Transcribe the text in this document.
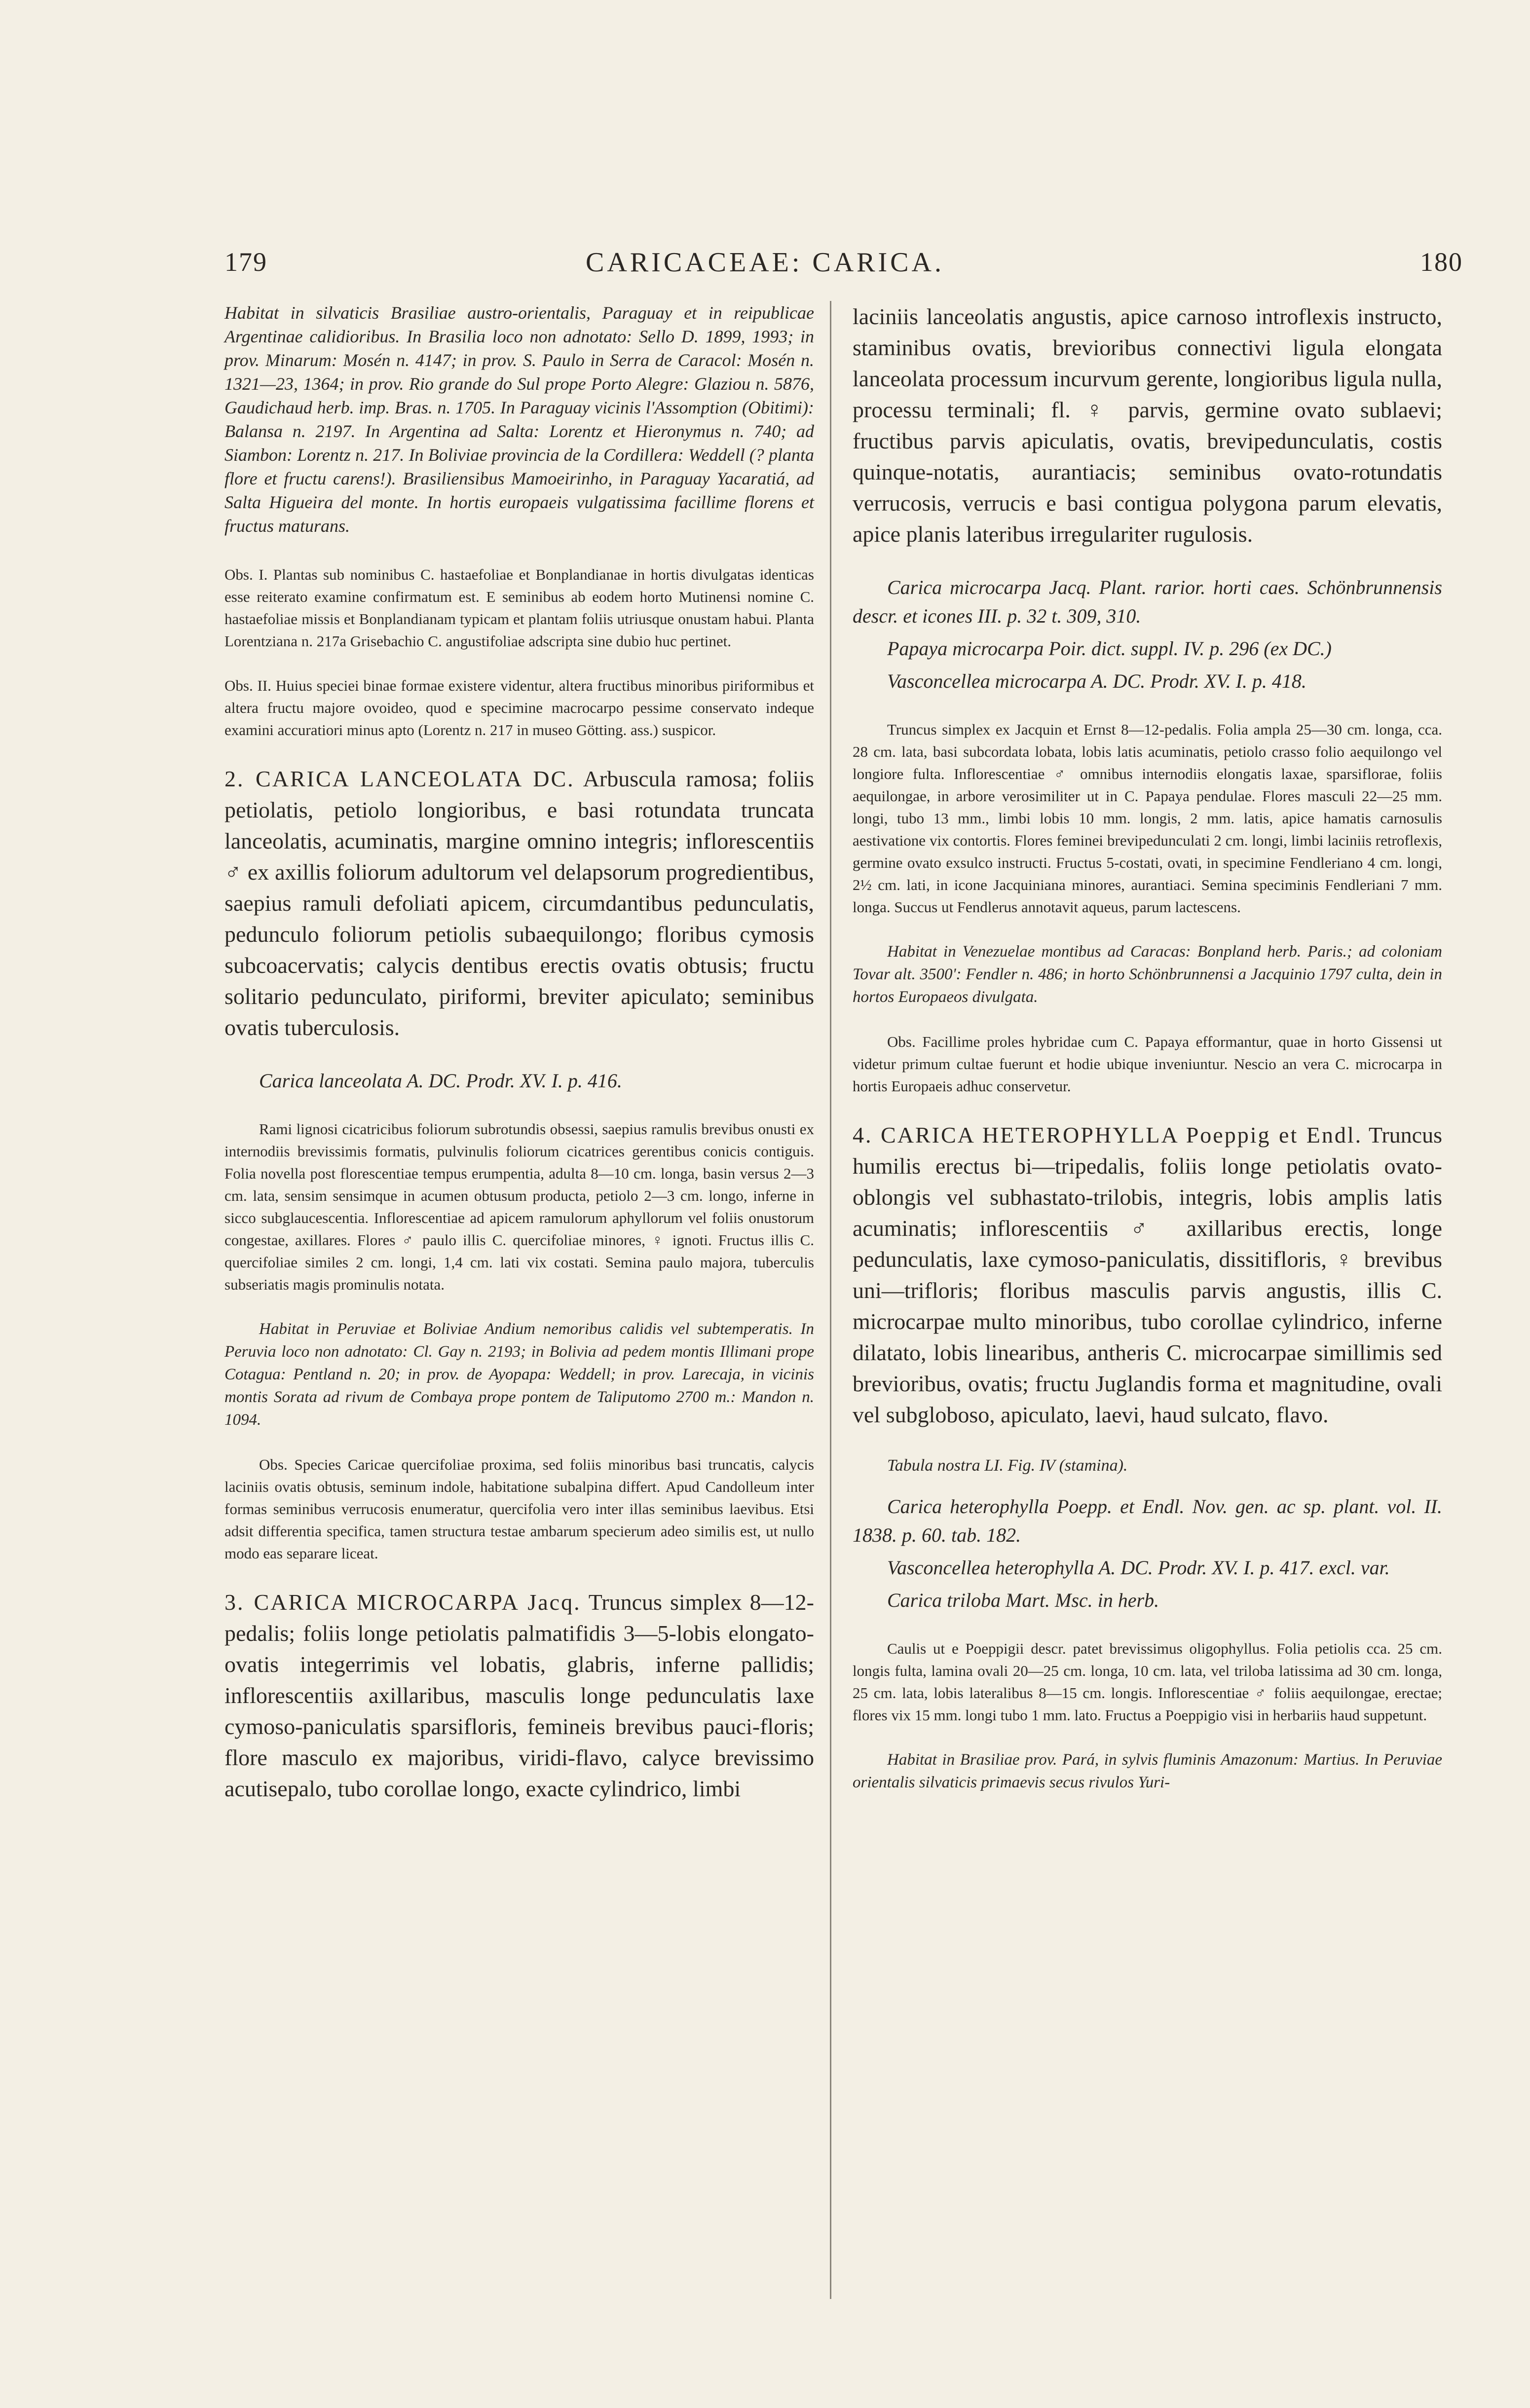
179	CARICACEAE: CARICA.	180

Habitat in silvaticis Brasiliae austro-orientalis, Paraguay et in reipublicae Argentinae calidioribus. In Brasilia loco non adnotato: Sello D. 1899, 1993; in prov. Minarum: Mosén n. 4147; in prov. S. Paulo in Serra de Caracol: Mosén n. 1321—23, 1364; in prov. Rio grande do Sul prope Porto Alegre: Glaziou n. 5876, Gaudichaud herb. imp. Bras. n. 1705. In Paraguay vicinis l'Assomption (Obitimi): Balansa n. 2197. In Argentina ad Salta: Lorentz et Hieronymus n. 740; ad Siambon: Lorentz n. 217. In Boliviae provincia de la Cordillera: Weddell (? planta flore et fructu carens!). Brasiliensibus Mamoeirinho, in Paraguay Yacaratiá, ad Salta Higueira del monte. In hortis europaeis vulgatissima facillime florens et fructus maturans.

Obs. I. Plantas sub nominibus C. hastaefoliae et Bonplandianae in hortis divulgatas identicas esse reiterato examine confirmatum est. E seminibus ab eodem horto Mutinensi nomine C. hastaefoliae missis et Bonplandianam typicam et plantam foliis utriusque onustam habui. Planta Lorentziana n. 217a Grisebachio C. angustifoliae adscripta sine dubio huc pertinet.

Obs. II. Huius speciei binae formae existere videntur, altera fructibus minoribus piriformibus et altera fructu majore ovoideo, quod e specimine macrocarpo pessime conservato indeque examini accuratiori minus apto (Lorentz n. 217 in museo Götting. ass.) suspicor.

2. CARICA LANCEOLATA DC. Arbuscula ramosa; foliis petiolatis, petiolo longioribus, e basi rotundata truncata lanceolatis, acuminatis, margine omnino integris; inflorescentiis ♂ ex axillis foliorum adultorum vel delapsorum progredientibus, saepius ramuli defoliati apicem, circumdantibus pedunculatis, pedunculo foliorum petiolis subaequilongo; floribus cymosis subcoacervatis; calycis dentibus erectis ovatis obtusis; fructu solitario pedunculato, piriformi, breviter apiculato; seminibus ovatis tuberculosis.

Carica lanceolata A. DC. Prodr. XV. I. p. 416.

Rami lignosi cicatricibus foliorum subrotundis obsessi, saepius ramulis brevibus onusti ex internodiis brevissimis formatis, pulvinulis foliorum cicatrices gerentibus conicis contiguis. Folia novella post florescentiae tempus erumpentia, adulta 8—10 cm. longa, basin versus 2—3 cm. lata, sensim sensimque in acumen obtusum producta, petiolo 2—3 cm. longo, inferne in sicco subglaucescentia. Inflorescentiae ad apicem ramulorum aphyllorum vel foliis onustorum congestae, axillares. Flores ♂ paulo illis C. quercifoliae minores, ♀ ignoti. Fructus illis C. quercifoliae similes 2 cm. longi, 1,4 cm. lati vix costati. Semina paulo majora, tuberculis subseriatis magis prominulis notata.

Habitat in Peruviae et Boliviae Andium nemoribus calidis vel subtemperatis. In Peruvia loco non adnotato: Cl. Gay n. 2193; in Bolivia ad pedem montis Illimani prope Cotagua: Pentland n. 20; in prov. de Ayopapa: Weddell; in prov. Larecaja, in vicinis montis Sorata ad rivum de Combaya prope pontem de Taliputomo 2700 m.: Mandon n. 1094.

Obs. Species Caricae quercifoliae proxima, sed foliis minoribus basi truncatis, calycis laciniis ovatis obtusis, seminum indole, habitatione subalpina differt. Apud Candolleum inter formas seminibus verrucosis enumeratur, quercifolia vero inter illas seminibus laevibus. Etsi adsit differentia specifica, tamen structura testae ambarum specierum adeo similis est, ut nullo modo eas separare liceat.

3. CARICA MICROCARPA Jacq. Truncus simplex 8—12-pedalis; foliis longe petiolatis palmatifidis 3—5-lobis elongato-ovatis integerrimis vel lobatis, glabris, inferne pallidis; inflorescentiis axillaribus, masculis longe pedunculatis laxe cymoso-paniculatis sparsifloris, femineis brevibus pauci-floris; flore masculo ex majoribus, viridi-flavo, calyce brevissimo acutisepalo, tubo corollae longo, exacte cylindrico, limbi

laciniis lanceolatis angustis, apice carnoso introflexis instructo, staminibus ovatis, brevioribus connectivi ligula elongata lanceolata processum incurvum gerente, longioribus ligula nulla, processu terminali; fl. ♀ parvis, germine ovato sublaevi; fructibus parvis apiculatis, ovatis, brevipedunculatis, costis quinque-notatis, aurantiacis; seminibus ovato-rotundatis verrucosis, verrucis e basi contigua polygona parum elevatis, apice planis lateribus irregulariter rugulosis.

Carica microcarpa Jacq. Plant. rarior. horti caes. Schönbrunnensis descr. et icones III. p. 32 t. 309, 310.

Papaya microcarpa Poir. dict. suppl. IV. p. 296 (ex DC.)

Vasconcellea microcarpa A. DC. Prodr. XV. I. p. 418.

Truncus simplex ex Jacquin et Ernst 8—12-pedalis. Folia ampla 25—30 cm. longa, cca. 28 cm. lata, basi subcordata lobata, lobis latis acuminatis, petiolo crasso folio aequilongo vel longiore fulta. Inflorescentiae ♂ omnibus internodiis elongatis laxae, sparsiflorae, foliis aequilongae, in arbore verosimiliter ut in C. Papaya pendulae. Flores masculi 22—25 mm. longi, tubo 13 mm., limbi lobis 10 mm. longis, 2 mm. latis, apice hamatis carnosulis aestivatione vix contortis. Flores feminei brevipedunculati 2 cm. longi, limbi laciniis retroflexis, germine ovato exsulco instructi. Fructus 5-costati, ovati, in specimine Fendleriano 4 cm. longi, 2½ cm. lati, in icone Jacquiniana minores, aurantiaci. Semina speciminis Fendleriani 7 mm. longa. Succus ut Fendlerus annotavit aqueus, parum lactescens.

Habitat in Venezuelae montibus ad Caracas: Bonpland herb. Paris.; ad coloniam Tovar alt. 3500': Fendler n. 486; in horto Schönbrunnensi a Jacquinio 1797 culta, dein in hortos Europaeos divulgata.

Obs. Facillime proles hybridae cum C. Papaya efformantur, quae in horto Gissensi ut videtur primum cultae fuerunt et hodie ubique inveniuntur. Nescio an vera C. microcarpa in hortis Europaeis adhuc conservetur.

4. CARICA HETEROPHYLLA Poeppig et Endl. Truncus humilis erectus bi—tripedalis, foliis longe petiolatis ovato-oblongis vel subhastato-trilobis, integris, lobis amplis latis acuminatis; inflorescentiis ♂ axillaribus erectis, longe pedunculatis, laxe cymoso-paniculatis, dissitifloris, ♀ brevibus uni—trifloris; floribus masculis parvis angustis, illis C. microcarpae multo minoribus, tubo corollae cylindrico, inferne dilatato, lobis linearibus, antheris C. microcarpae simillimis sed brevioribus, ovatis; fructu Juglandis forma et magnitudine, ovali vel subgloboso, apiculato, laevi, haud sulcato, flavo.

Tabula nostra LI. Fig. IV (stamina).

Carica heterophylla Poepp. et Endl. Nov. gen. ac sp. plant. vol. II. 1838. p. 60. tab. 182.

Vasconcellea heterophylla A. DC. Prodr. XV. I. p. 417. excl. var.

Carica triloba Mart. Msc. in herb.

Caulis ut e Poeppigii descr. patet brevissimus oligophyllus. Folia petiolis cca. 25 cm. longis fulta, lamina ovali 20—25 cm. longa, 10 cm. lata, vel triloba latissima ad 30 cm. longa, 25 cm. lata, lobis lateralibus 8—15 cm. longis. Inflorescentiae ♂ foliis aequilongae, erectae; flores vix 15 mm. longi tubo 1 mm. lato. Fructus a Poeppigio visi in herbariis haud suppetunt.

Habitat in Brasiliae prov. Pará, in sylvis fluminis Amazonum: Martius. In Peruviae orientalis silvaticis primaevis secus rivulos Yuri-
